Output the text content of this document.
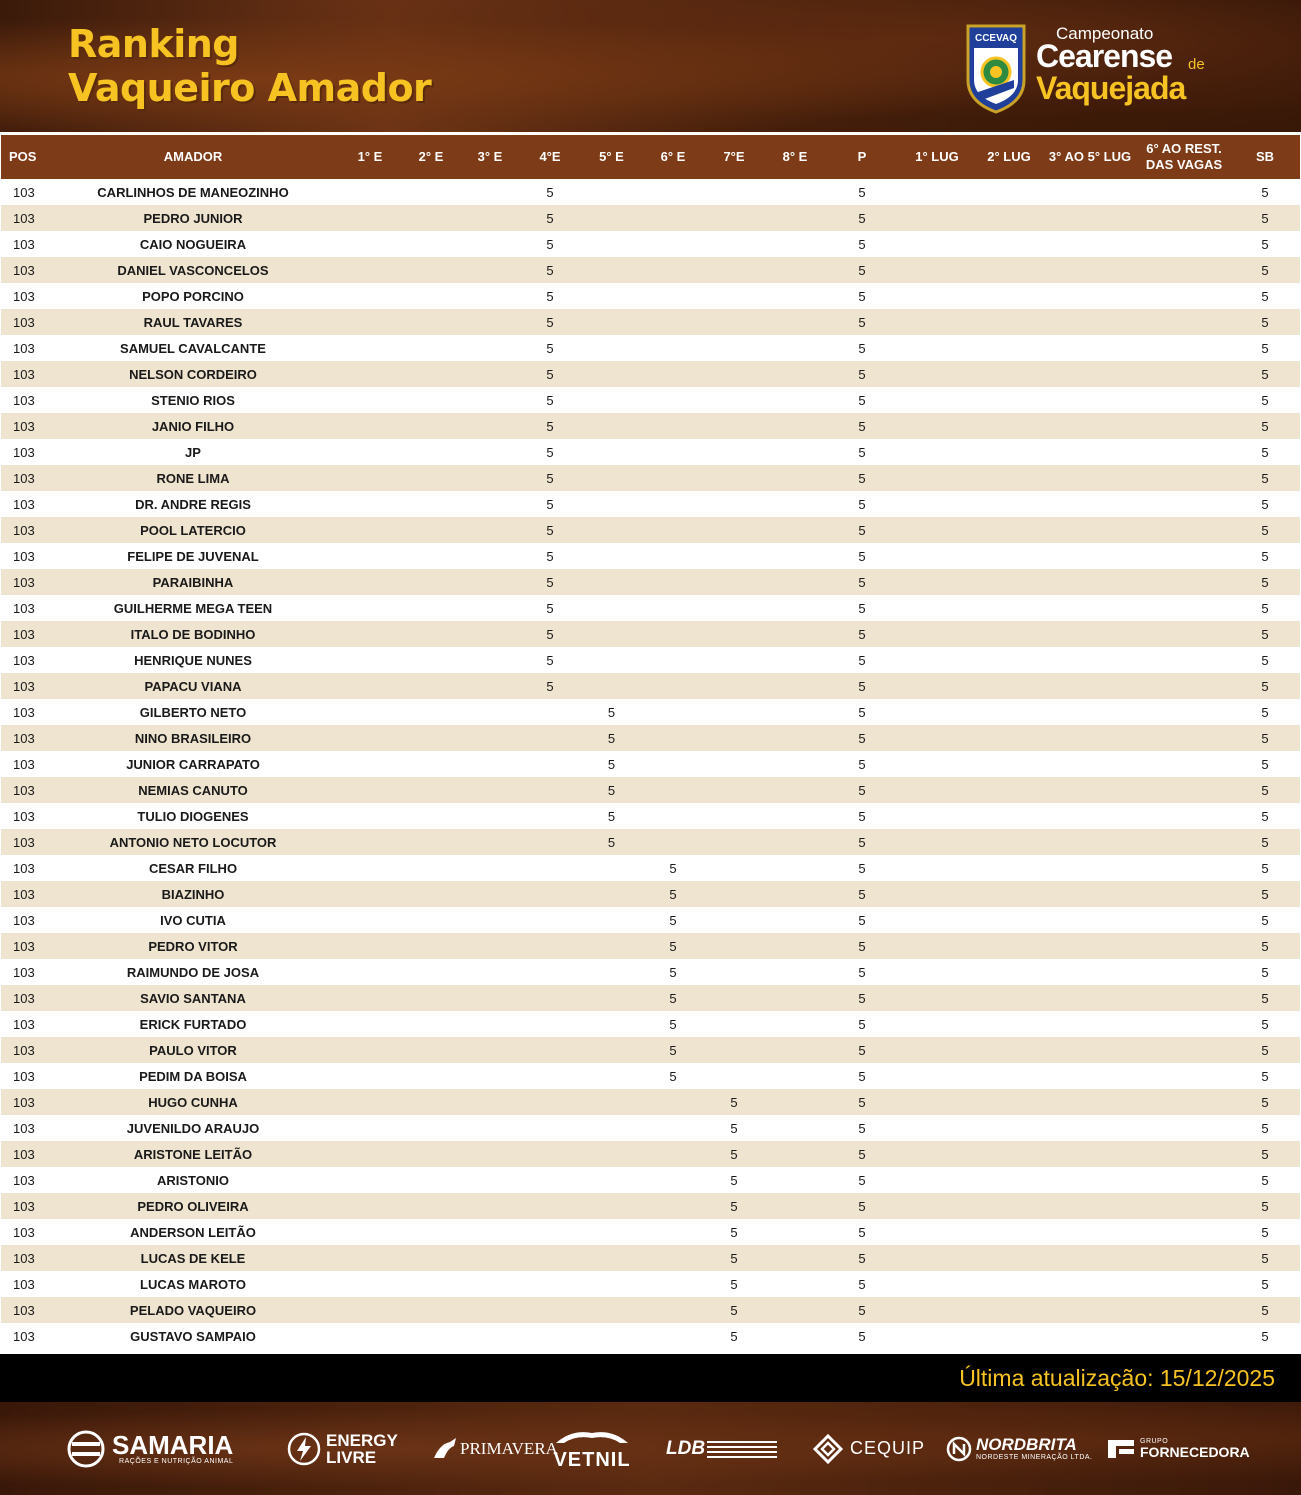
Ranking
Vaqueiro Amador
CCEVAQ Campeonato
Cearense de
Vaquejada
POS	AMADOR	1° E	2° E	3° E	4°E	5° E	6° E	7°E	8° E	P	1° LUG	2° LUG	3° AO 5° LUG	6° AO REST. DAS VAGAS	SB
103	CARLINHOS DE MANEOZINHO				5					5					5
103	PEDRO JUNIOR				5					5					5
103	CAIO NOGUEIRA				5					5					5
103	DANIEL VASCONCELOS				5					5					5
103	POPO PORCINO				5					5					5
103	RAUL TAVARES				5					5					5
103	SAMUEL CAVALCANTE				5					5					5
103	NELSON CORDEIRO				5					5					5
103	STENIO RIOS				5					5					5
103	JANIO FILHO				5					5					5
103	JP				5					5					5
103	RONE LIMA				5					5					5
103	DR. ANDRE REGIS				5					5					5
103	POOL LATERCIO				5					5					5
103	FELIPE DE JUVENAL				5					5					5
103	PARAIBINHA				5					5					5
103	GUILHERME MEGA TEEN				5					5					5
103	ITALO DE BODINHO				5					5					5
103	HENRIQUE NUNES				5					5					5
103	PAPACU VIANA				5					5					5
103	GILBERTO NETO					5				5					5
103	NINO BRASILEIRO					5				5					5
103	JUNIOR CARRAPATO					5				5					5
103	NEMIAS CANUTO					5				5					5
103	TULIO DIOGENES					5				5					5
103	ANTONIO NETO LOCUTOR					5				5					5
103	CESAR FILHO						5			5					5
103	BIAZINHO						5			5					5
103	IVO CUTIA						5			5					5
103	PEDRO VITOR						5			5					5
103	RAIMUNDO DE JOSA						5			5					5
103	SAVIO SANTANA						5			5					5
103	ERICK FURTADO						5			5					5
103	PAULO VITOR						5			5					5
103	PEDIM DA BOISA						5			5					5
103	HUGO CUNHA							5		5					5
103	JUVENILDO ARAUJO							5		5					5
103	ARISTONE LEITÃO							5		5					5
103	ARISTONIO							5		5					5
103	PEDRO OLIVEIRA							5		5					5
103	ANDERSON LEITÃO							5		5					5
103	LUCAS DE KELE							5		5					5
103	LUCAS MAROTO							5		5					5
103	PELADO VAQUEIRO							5		5					5
103	GUSTAVO SAMPAIO							5		5					5
Última atualização: 15/12/2025
SAMARIA
RAÇÕES E NUTRIÇÃO ANIMAL
ENERGY LIVRE	PRIMAVERA
VETNIL
LDB	CEQUIP	NORDBRITA
NORDESTE MINERAÇÃO LTDA.
GRUPO
FORNECEDORA
